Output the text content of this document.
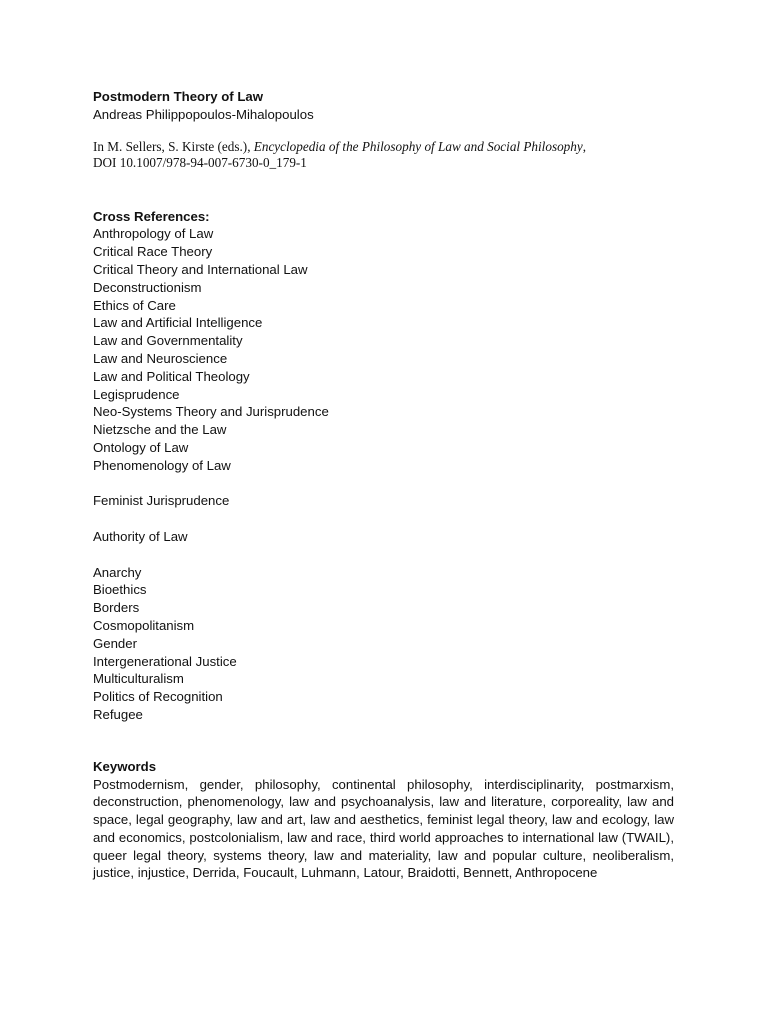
Postmodern Theory of Law
Andreas Philippopoulos-Mihalopoulos
In M. Sellers, S. Kirste (eds.), Encyclopedia of the Philosophy of Law and Social Philosophy,
DOI 10.1007/978-94-007-6730-0_179-1
Cross References:
Anthropology of Law
Critical Race Theory
Critical Theory and International Law
Deconstructionism
Ethics of Care
Law and Artificial Intelligence
Law and Governmentality
Law and Neuroscience
Law and Political Theology
Legisprudence
Neo-Systems Theory and Jurisprudence
Nietzsche and the Law
Ontology of Law
Phenomenology of Law
Feminist Jurisprudence
Authority of Law
Anarchy
Bioethics
Borders
Cosmopolitanism
Gender
Intergenerational Justice
Multiculturalism
Politics of Recognition
Refugee
Keywords
Postmodernism, gender, philosophy, continental philosophy, interdisciplinarity, postmarxism, deconstruction, phenomenology, law and psychoanalysis, law and literature, corporeality, law and space, legal geography, law and art, law and aesthetics, feminist legal theory, law and ecology, law and economics, postcolonialism, law and race, third world approaches to international law (TWAIL), queer legal theory, systems theory, law and materiality, law and popular culture, neoliberalism, justice, injustice, Derrida, Foucault, Luhmann, Latour, Braidotti, Bennett, Anthropocene
